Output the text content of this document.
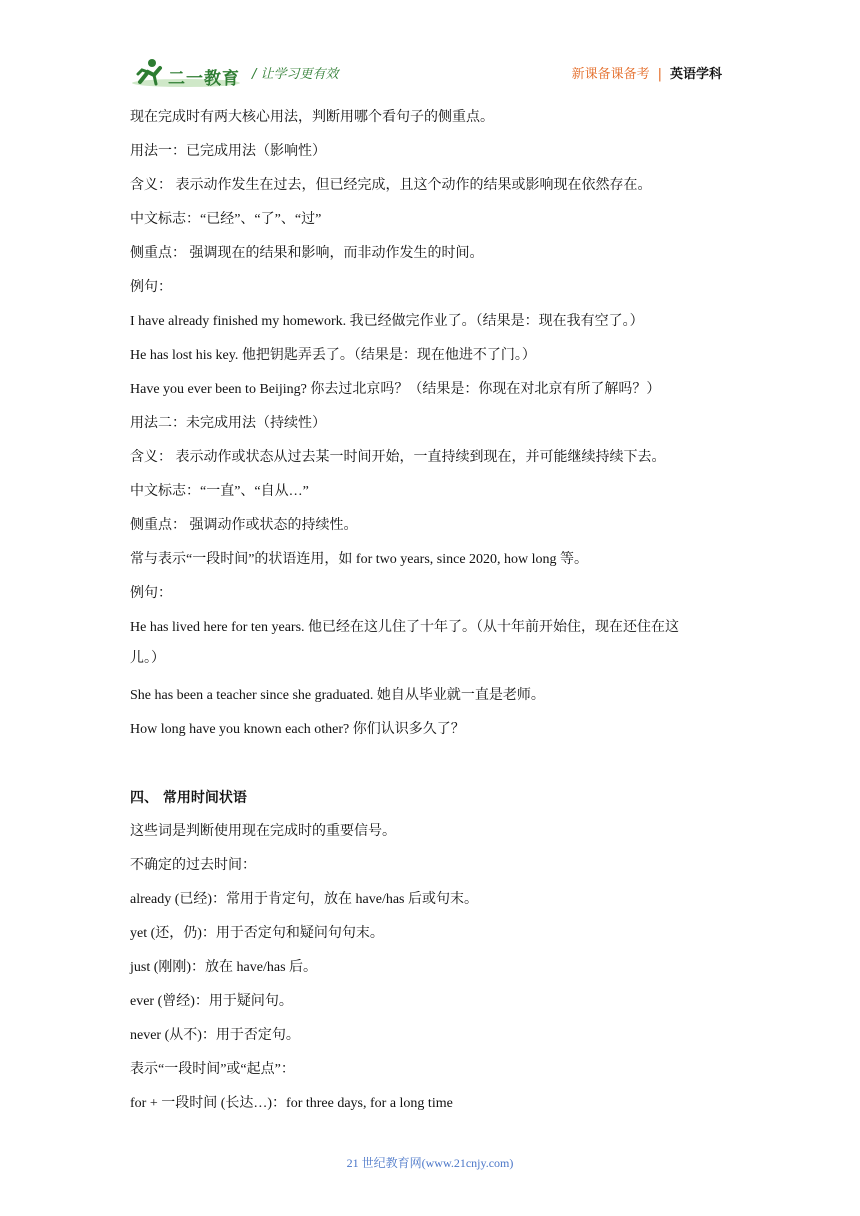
二一教育 / 让学习更有效	新课备课备考 | 英语学科
现在完成时有两大核心用法，判断用哪个看句子的侧重点。
用法一：已完成用法（影响性）
含义： 表示动作发生在过去，但已经完成，且这个动作的结果或影响现在依然存在。
中文标志：“已经”、“了”、“过”
侧重点： 强调现在的结果和影响，而非动作发生的时间。
例句：
I have already finished my homework. 我已经做完作业了。（结果是：现在我有空了。）
He has lost his key. 他把钥匙弄丢了。（结果是：现在他进不了门。）
Have you ever been to Beijing? 你去过北京吗？（结果是：你现在对北京有所了解吗？）
用法二：未完成用法（持续性）
含义： 表示动作或状态从过去某一时间开始，一直持续到现在，并可能继续持续下去。
中文标志：“一直”、“自从…”
侧重点： 强调动作或状态的持续性。
常与表示“一段时间”的状语连用，如 for two years, since 2020, how long 等。
例句：
He has lived here for ten years. 他已经在这儿住了十年了。（从十年前开始住，现在还住在这
儿。）
She has been a teacher since she graduated. 她自从毕业就一直是老师。
How long have you known each other? 你们认识多久了？
四、 常用时间状语
这些词是判断使用现在完成时的重要信号。
不确定的过去时间：
already (已经)：常用于肯定句，放在 have/has 后或句末。
yet (还，仍)：用于否定句和疑问句句末。
just (刚刚)：放在 have/has 后。
ever (曾经)：用于疑问句。
never (从不)：用于否定句。
表示“一段时间”或“起点”：
for + 一段时间 (长达…)：for three days, for a long time
21 世纪教育网(www.21cnjy.com)
